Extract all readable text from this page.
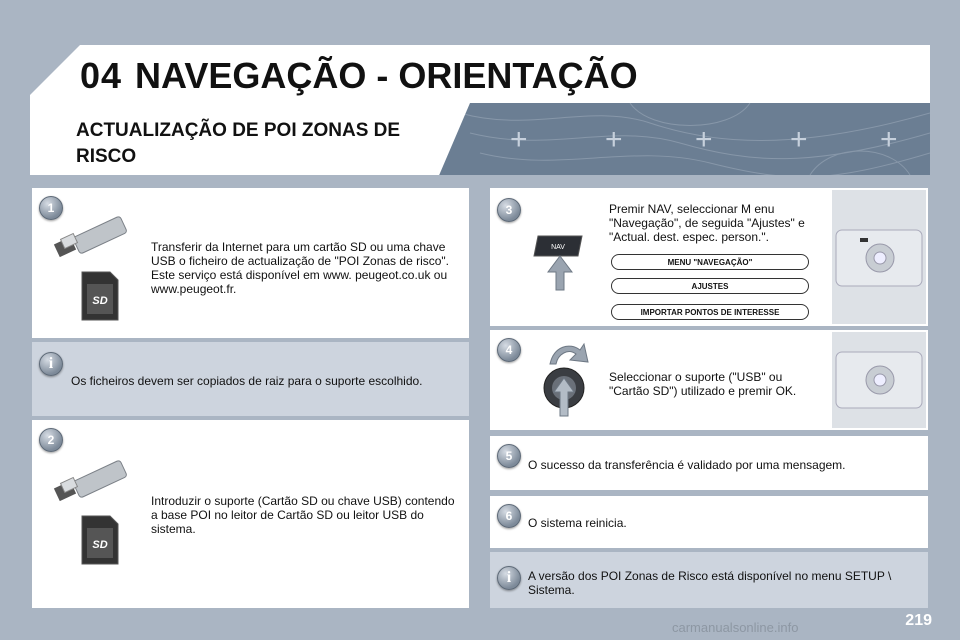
04 NAVEGAÇÃO - ORIENTAÇÃO
+	+ +	+ +
ACTUALIZAÇÃO DE POI ZONAS DE RISCO
1
SD
Transferir da Internet para um cartão SD ou uma chave USB o ficheiro de actualização de "POI Zonas de risco". Este serviço está disponível em www. peugeot.co.uk ou www.peugeot.fr.
i
Os ficheiros devem ser copiados de raiz para o suporte escolhido.
2
SD
Introduzir o suporte (Cartão SD ou chave USB) contendo a base POI no leitor de Cartão SD ou leitor USB do sistema.
3
NAV
Premir NAV, seleccionar M enu "Navegação", de seguida "Ajustes" e "Actual. dest. espec. person.".
MENU "NAVEGAÇÃO"
AJUSTES
IMPORTAR PONTOS DE INTERESSE
4
Seleccionar o suporte ("USB" ou "Cartão SD") utilizado e premir OK.
5
O sucesso da transferência é validado por uma mensagem.
6	O sistema reinicia.
i	A versão dos POI Zonas de Risco está disponível no menu SETUP \ Sistema.
219
carmanualsonline.info
